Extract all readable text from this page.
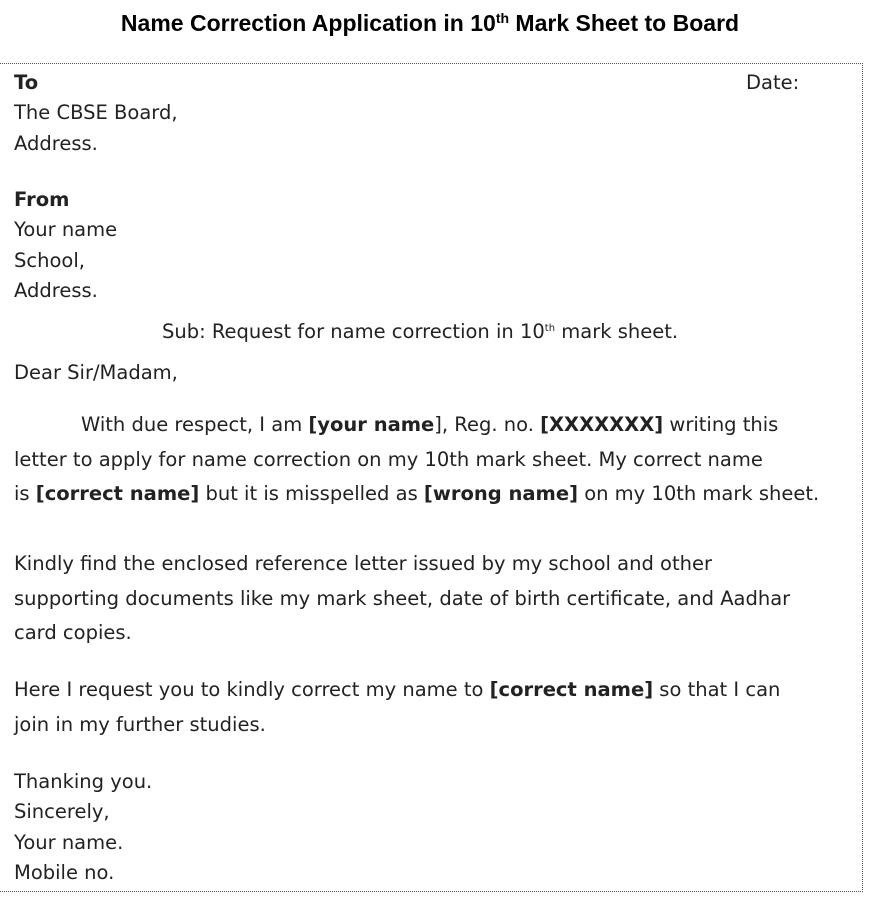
Name Correction Application in 10th Mark Sheet to Board
To	Date:
The CBSE Board,
Address.
From
Your name
School,
Address.
Sub: Request for name correction in 10th mark sheet.
Dear Sir/Madam,
With due respect, I am [your name], Reg. no. [XXXXXXX] writing this
letter to apply for name correction on my 10th mark sheet. My correct name
is [correct name] but it is misspelled as [wrong name] on my 10th mark sheet.
Kindly find the enclosed reference letter issued by my school and other
supporting documents like my mark sheet, date of birth certificate, and Aadhar
card copies.
Here I request you to kindly correct my name to [correct name] so that I can
join in my further studies.
Thanking you.
Sincerely,
Your name.
Mobile no.
